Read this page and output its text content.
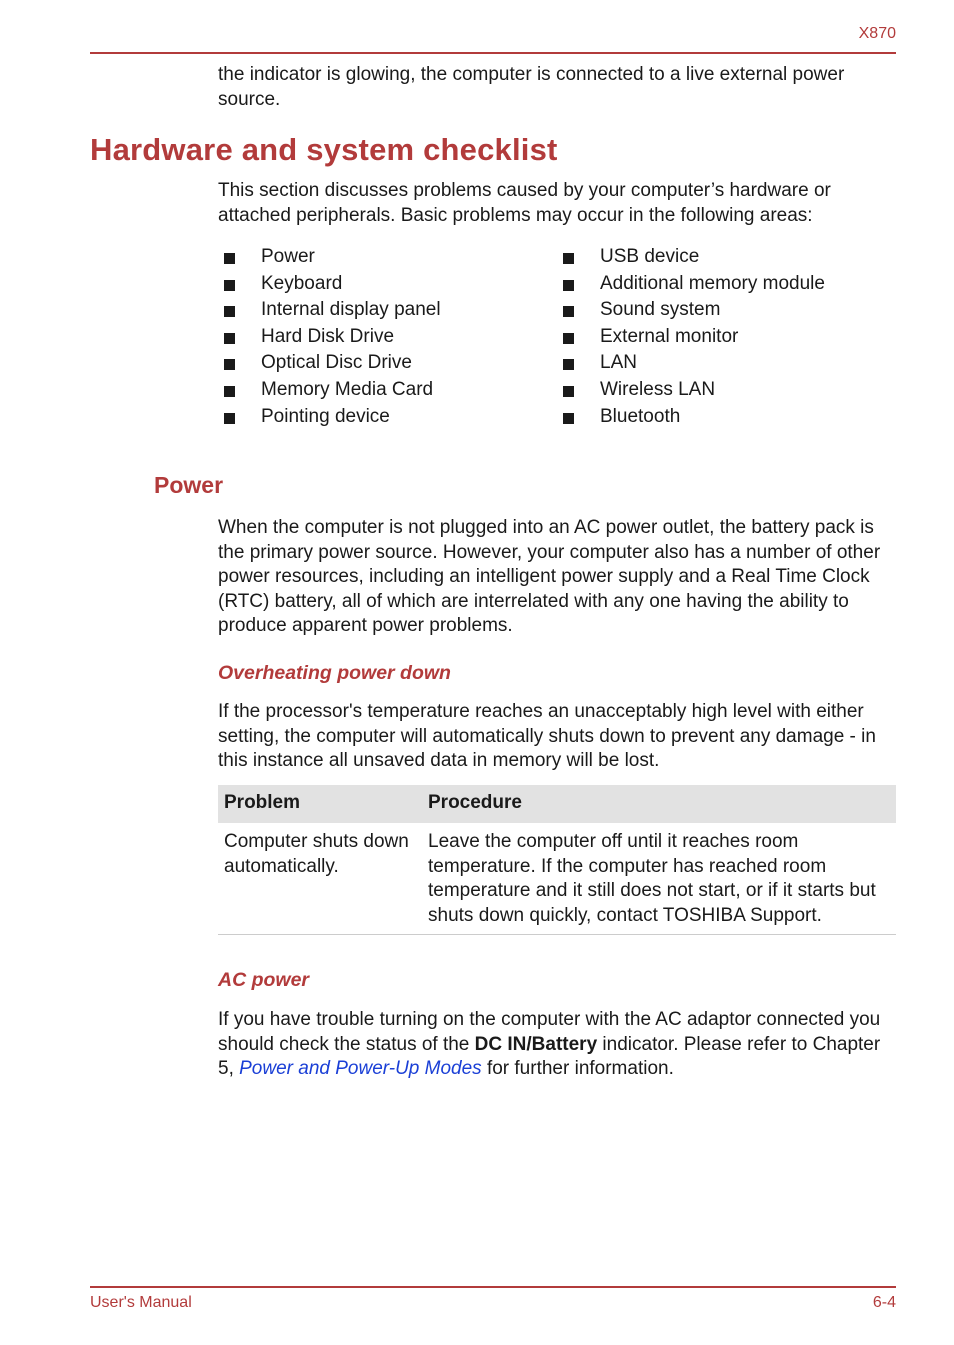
X870
the indicator is glowing, the computer is connected to a live external power source.
Hardware and system checklist
This section discusses problems caused by your computer’s hardware or attached peripherals. Basic problems may occur in the following areas:
Power
Keyboard
Internal display panel
Hard Disk Drive
Optical Disc Drive
Memory Media Card
Pointing device
USB device
Additional memory module
Sound system
External monitor
LAN
Wireless LAN
Bluetooth
Power
When the computer is not plugged into an AC power outlet, the battery pack is the primary power source. However, your computer also has a number of other power resources, including an intelligent power supply and a Real Time Clock (RTC) battery, all of which are interrelated with any one having the ability to produce apparent power problems.
Overheating power down
If the processor's temperature reaches an unacceptably high level with either setting, the computer will automatically shuts down to prevent any damage - in this instance all unsaved data in memory will be lost.
Problem	Procedure
Computer shuts down automatically.
Leave the computer off until it reaches room temperature. If the computer has reached room temperature and it still does not start, or if it starts but shuts down quickly, contact TOSHIBA Support.
AC power
If you have trouble turning on the computer with the AC adaptor connected you should check the status of the DC IN/Battery indicator. Please refer to Chapter 5, Power and Power-Up Modes for further information.
User's Manual	6-4
